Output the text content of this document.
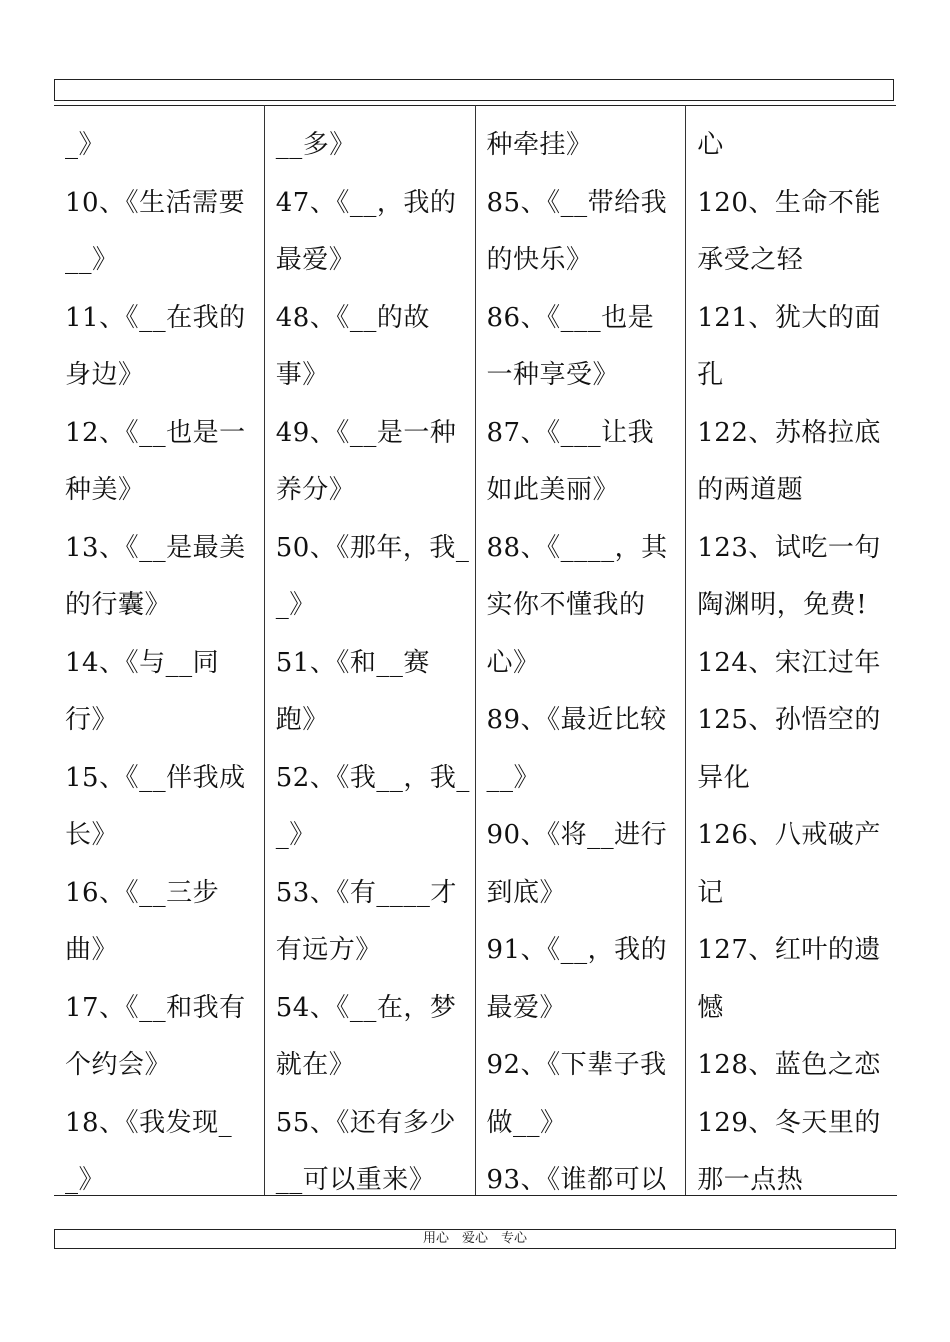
_》
10、《生活需要
__》
11、《__在我的
身边》
12、《__也是一
种美》
13、《__是最美
的行囊》
14、《与__同
行》
15、《__伴我成
长》
16、《__三步
曲》
17、《__和我有
个约会》
18、《我发现_
_》
__多》
47、《__，我的
最爱》
48、《__的故
事》
49、《__是一种
养分》
50、《那年，我_
_》
51、《和__赛
跑》
52、《我__，我_
_》
53、《有____才
有远方》
54、《__在，梦
就在》
55、《还有多少
__可以重来》
种牵挂》
85、《__带给我
的快乐》
86、《___也是
一种享受》
87、《___让我
如此美丽》
88、《____，其
实你不懂我的
心》
89、《最近比较
__》
90、《将__进行
到底》
91、《__，我的
最爱》
92、《下辈子我
做__》
93、《谁都可以
心
120、生命不能
承受之轻
121、犹大的面
孔
122、苏格拉底
的两道题
123、试吃一句
陶渊明，免费!
124、宋江过年
125、孙悟空的
异化
126、八戒破产
记
127、红叶的遗
憾
128、蓝色之恋
129、冬天里的
那一点热
用心　爱心　专心
